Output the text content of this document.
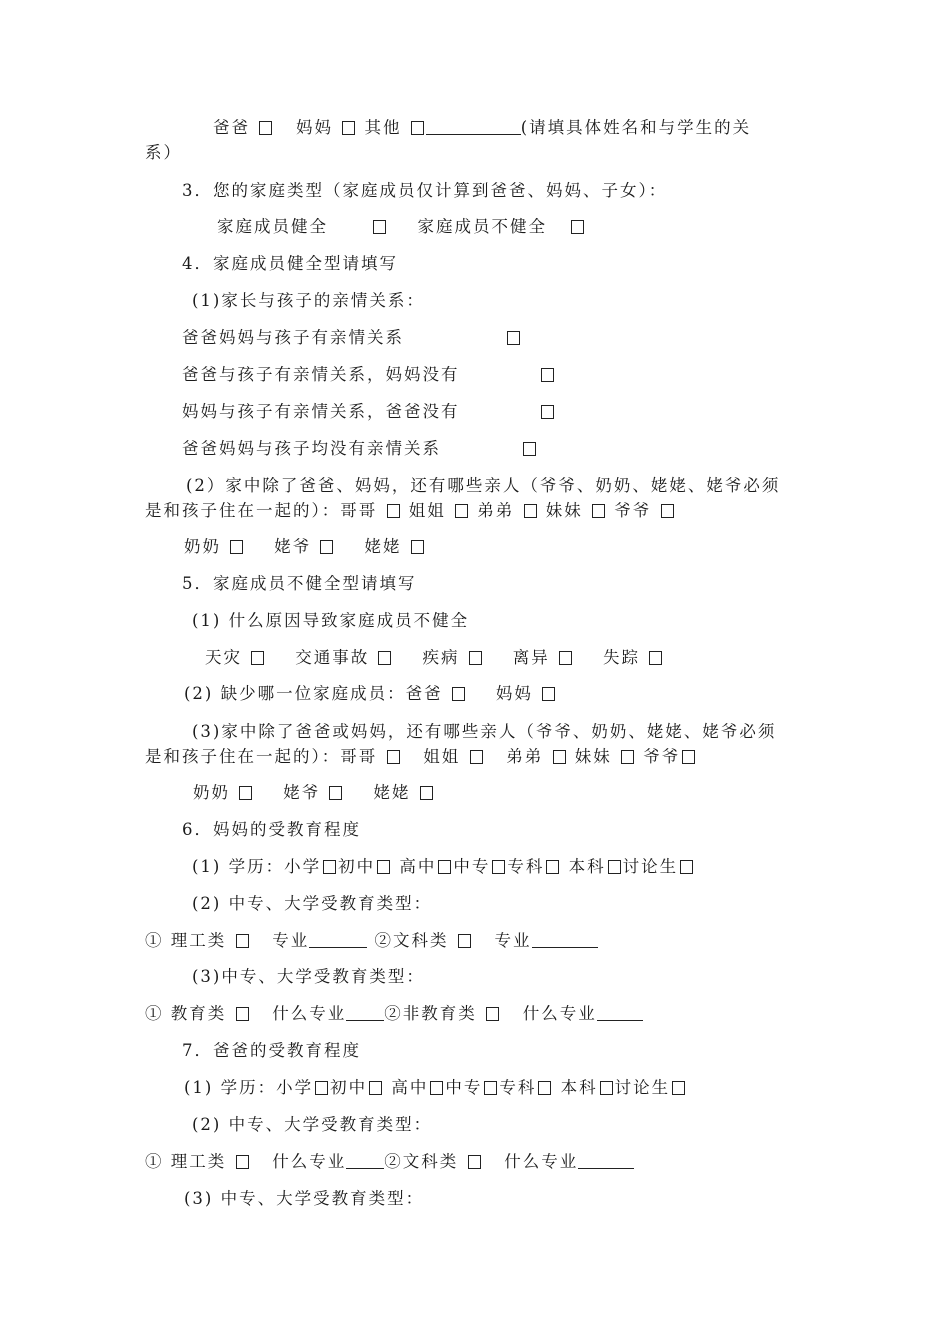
爸爸	妈妈 其他	(请填具体姓名和与学生的关
系）
3．您的家庭类型（家庭成员仅计算到爸爸、妈妈、子女）：
家庭成员健全	家庭成员不健全
4．家庭成员健全型请填写
(1)家长与孩子的亲情关系：
爸爸妈妈与孩子有亲情关系
爸爸与孩子有亲情关系，妈妈没有
妈妈与孩子有亲情关系，爸爸没有
爸爸妈妈与孩子均没有亲情关系
(2）家中除了爸爸、妈妈，还有哪些亲人（爷爷、奶奶、姥姥、姥爷必须
是和孩子住在一起的）：哥哥 姐姐 弟弟 妹妹 爷爷
奶奶	姥爷	姥姥
5．家庭成员不健全型请填写
(1) 什么原因导致家庭成员不健全
天灾	交通事故	疾病	离异	失踪
(2) 缺少哪一位家庭成员：爸爸	妈妈
(3)家中除了爸爸或妈妈，还有哪些亲人（爷爷、奶奶、姥姥、姥爷必须
是和孩子住在一起的）：哥哥	姐姐	弟弟 妹妹 爷爷
奶奶	姥爷	姥姥
6．妈妈的受教育程度
(1) 学历：小学 初中 高中 中专 专科 本科 讨论生
(2) 中专、大学受教育类型：
① 理工类	专业	②文科类	专业
(3)中专、大学受教育类型：
① 教育类	什么专业 ②非教育类	什么专业
7．爸爸的受教育程度
(1) 学历：小学 初中 高中 中专 专科 本科 讨论生
(2) 中专、大学受教育类型：
① 理工类	什么专业 ②文科类	什么专业
(3) 中专、大学受教育类型：
